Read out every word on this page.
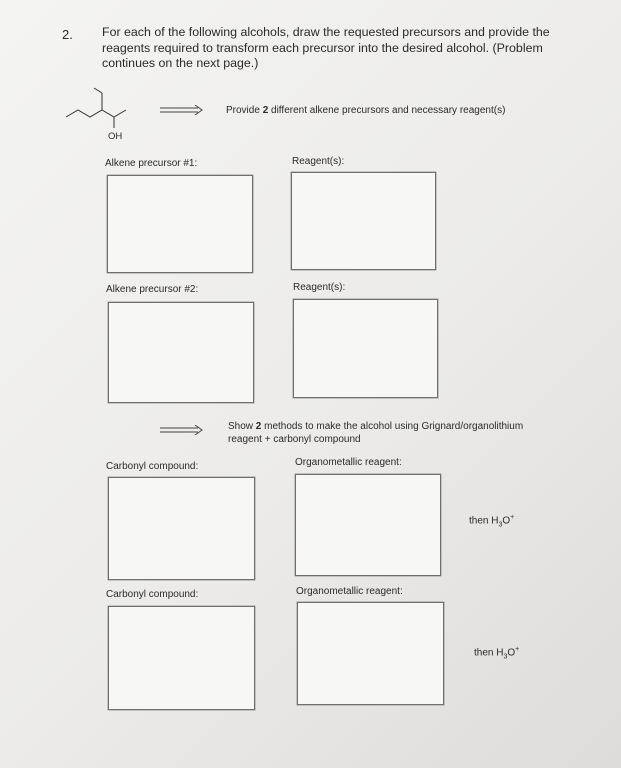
2. For each of the following alcohols, draw the requested precursors and provide the reagents required to transform each precursor into the desired alcohol. (Problem continues on the next page.)
OH
Provide 2 different alkene precursors and necessary reagent(s)
Alkene precursor #1:	Reagent(s):
Alkene precursor #2:	Reagent(s):
Show 2 methods to make the alcohol using Grignard/organolithium
reagent + carbonyl compound
Carbonyl compound:	Organometallic reagent:
then $H_3O^+$
Carbonyl compound:	Organometallic reagent:
then $H_3O^+$
